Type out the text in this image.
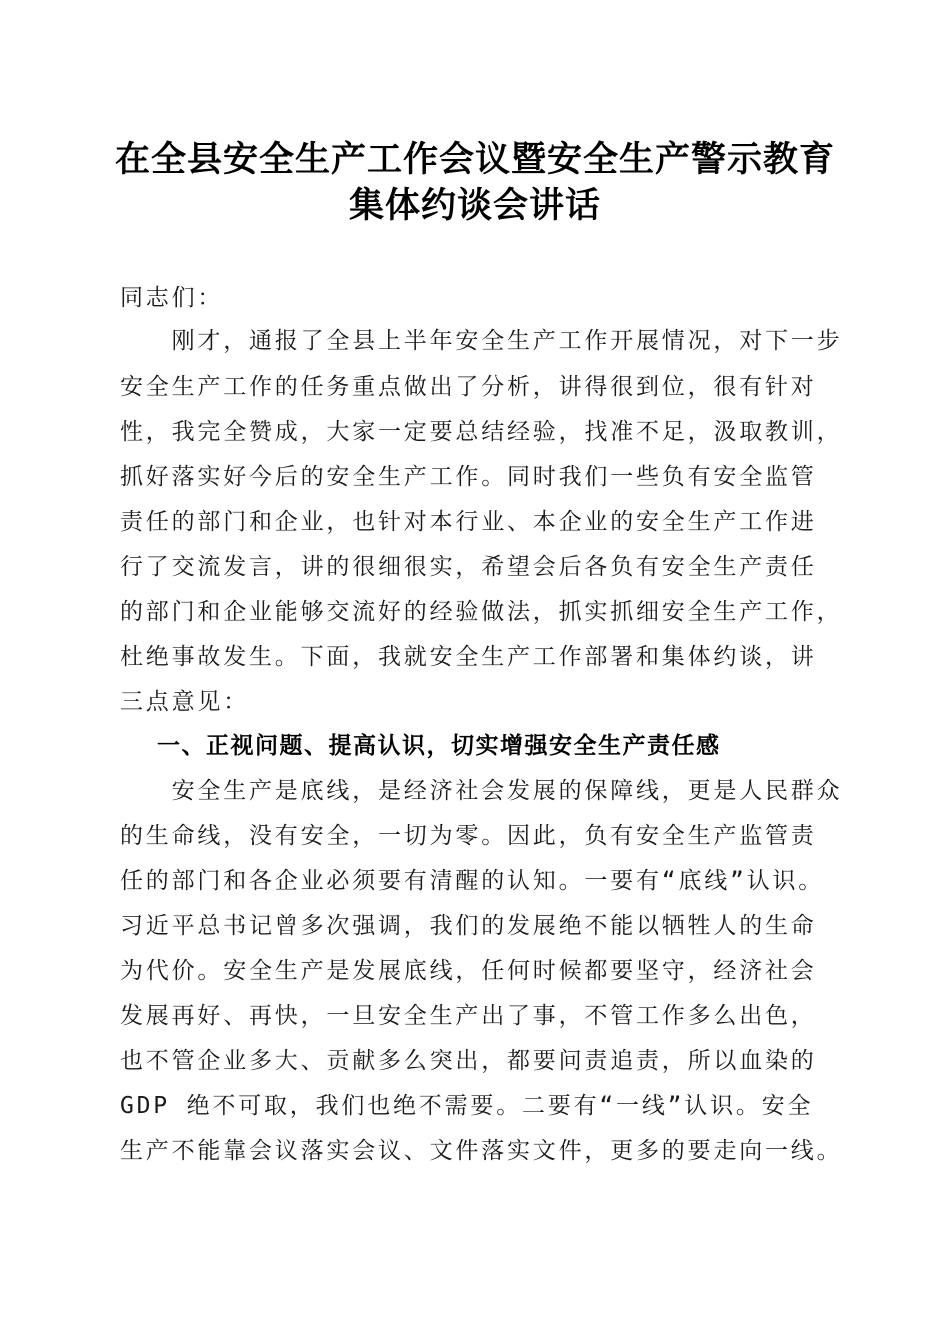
在全县安全生产工作会议暨安全生产警示教育
集体约谈会讲话
同志们：
　　刚才，通报了全县上半年安全生产工作开展情况，对下一步
安全生产工作的任务重点做出了分析，讲得很到位，很有针对
性，我完全赞成，大家一定要总结经验，找准不足，汲取教训，
抓好落实好今后的安全生产工作。同时我们一些负有安全监管
责任的部门和企业，也针对本行业、本企业的安全生产工作进
行了交流发言，讲的很细很实，希望会后各负有安全生产责任
的部门和企业能够交流好的经验做法，抓实抓细安全生产工作，
杜绝事故发生。下面，我就安全生产工作部署和集体约谈，讲
三点意见：
一、正视问题、提高认识，切实增强安全生产责任感
　　安全生产是底线，是经济社会发展的保障线，更是人民群众
的生命线，没有安全，一切为零。因此，负有安全生产监管责
任的部门和各企业必须要有清醒的认知。一要有“底线”认识。
习近平总书记曾多次强调，我们的发展绝不能以牺牲人的生命
为代价。安全生产是发展底线，任何时候都要坚守，经济社会
发展再好、再快，一旦安全生产出了事，不管工作多么出色，
也不管企业多大、贡献多么突出，都要问责追责，所以血染的
GDP 绝不可取，我们也绝不需要。二要有“一线”认识。安全
生产不能靠会议落实会议、文件落实文件，更多的要走向一线。
